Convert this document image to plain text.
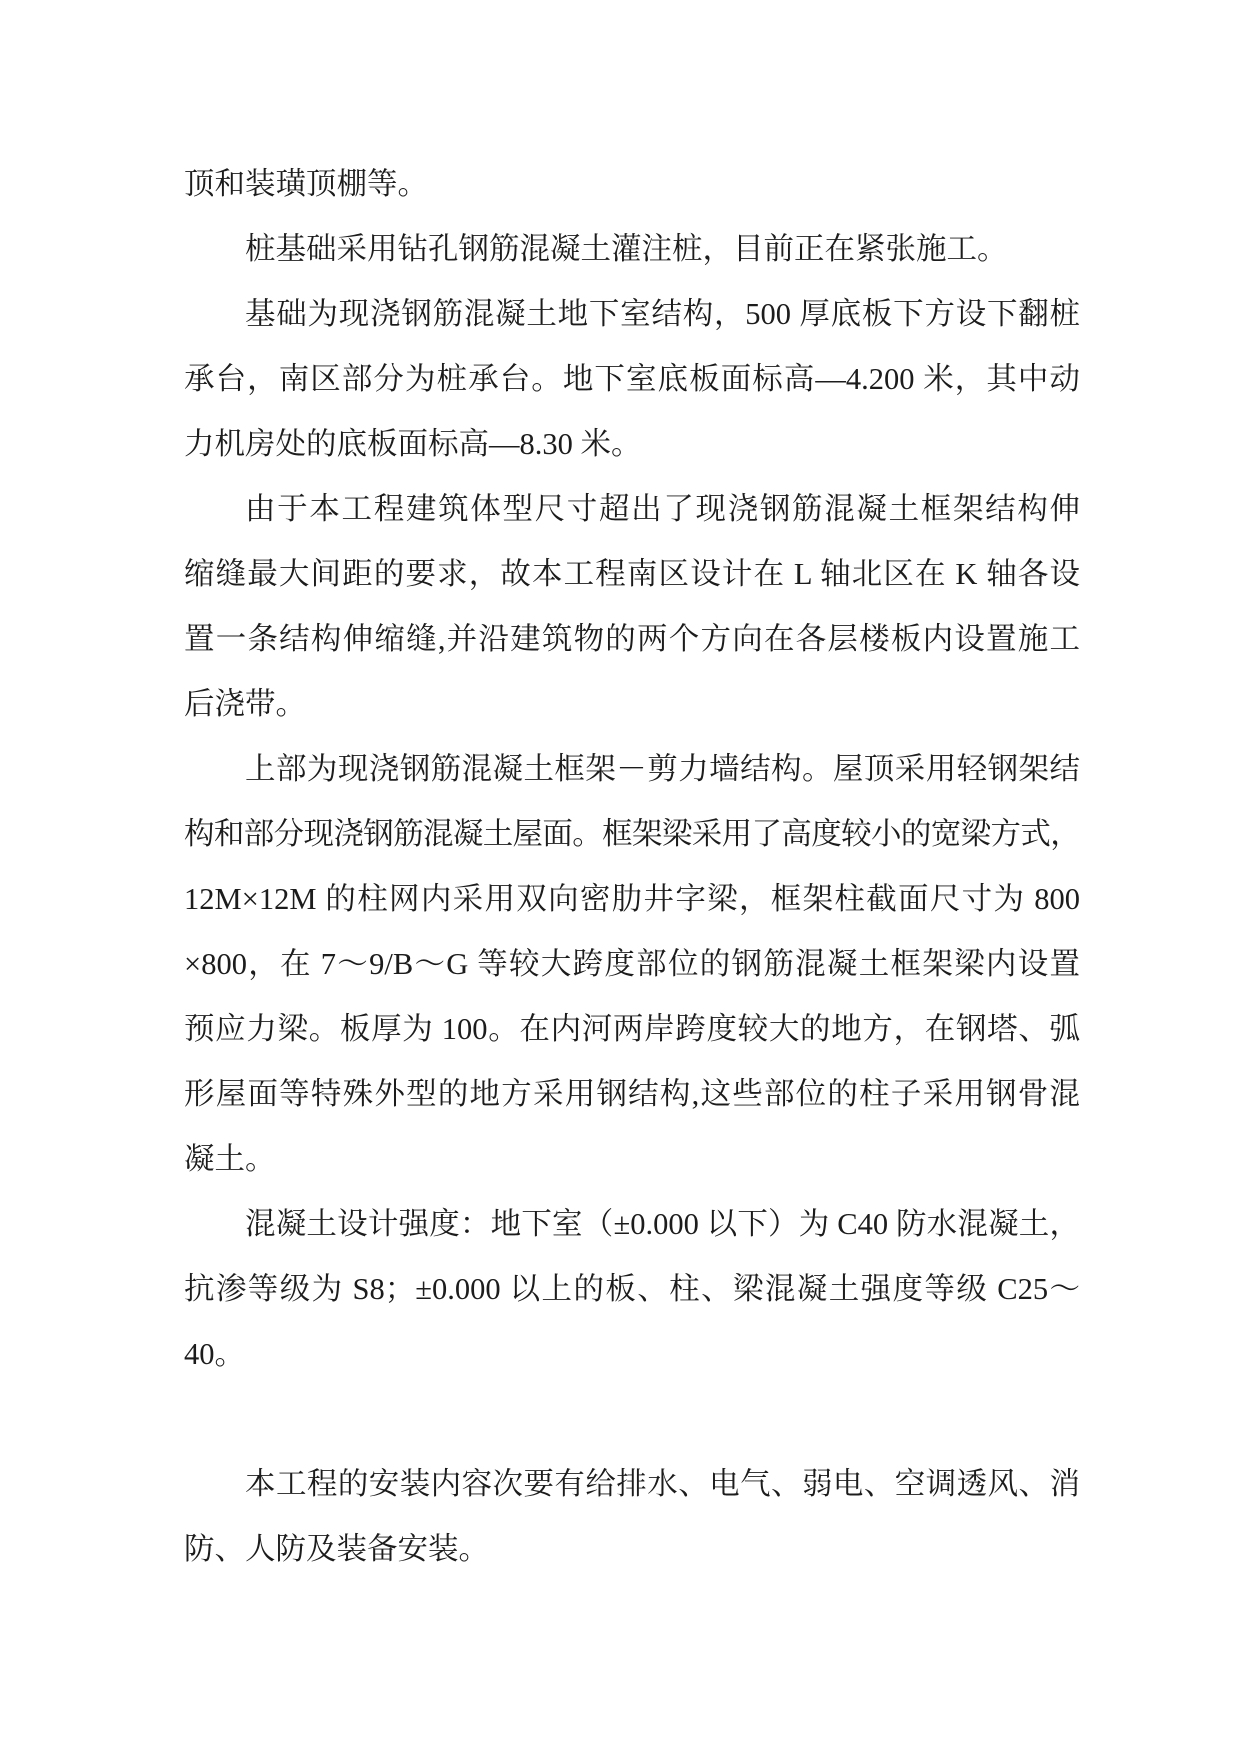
顶和装璜顶棚等。
桩基础采用钻孔钢筋混凝土灌注桩，目前正在紧张施工。
基础为现浇钢筋混凝土地下室结构，500 厚底板下方设下翻桩
承台，南区部分为桩承台。地下室底板面标高—4.200 米，其中动
力机房处的底板面标高—8.30 米。
由于本工程建筑体型尺寸超出了现浇钢筋混凝土框架结构伸
缩缝最大间距的要求，故本工程南区设计在 L 轴北区在 K 轴各设
置一条结构伸缩缝,并沿建筑物的两个方向在各层楼板内设置施工
后浇带。
上部为现浇钢筋混凝土框架－剪力墙结构。屋顶采用轻钢架结
构和部分现浇钢筋混凝土屋面。框架梁采用了高度较小的宽梁方式，
12M×12M 的柱网内采用双向密肋井字梁，框架柱截面尺寸为 800
×800，在 7～9/B～G 等较大跨度部位的钢筋混凝土框架梁内设置
预应力梁。板厚为 100。在内河两岸跨度较大的地方，在钢塔、弧
形屋面等特殊外型的地方采用钢结构,这些部位的柱子采用钢骨混
凝土。
混凝土设计强度：地下室（±0.000 以下）为 C40 防水混凝土，
抗渗等级为 S8；±0.000 以上的板、柱、梁混凝土强度等级 C25～
40。
本工程的安装内容次要有给排水、电气、弱电、空调透风、消
防、人防及装备安装。
